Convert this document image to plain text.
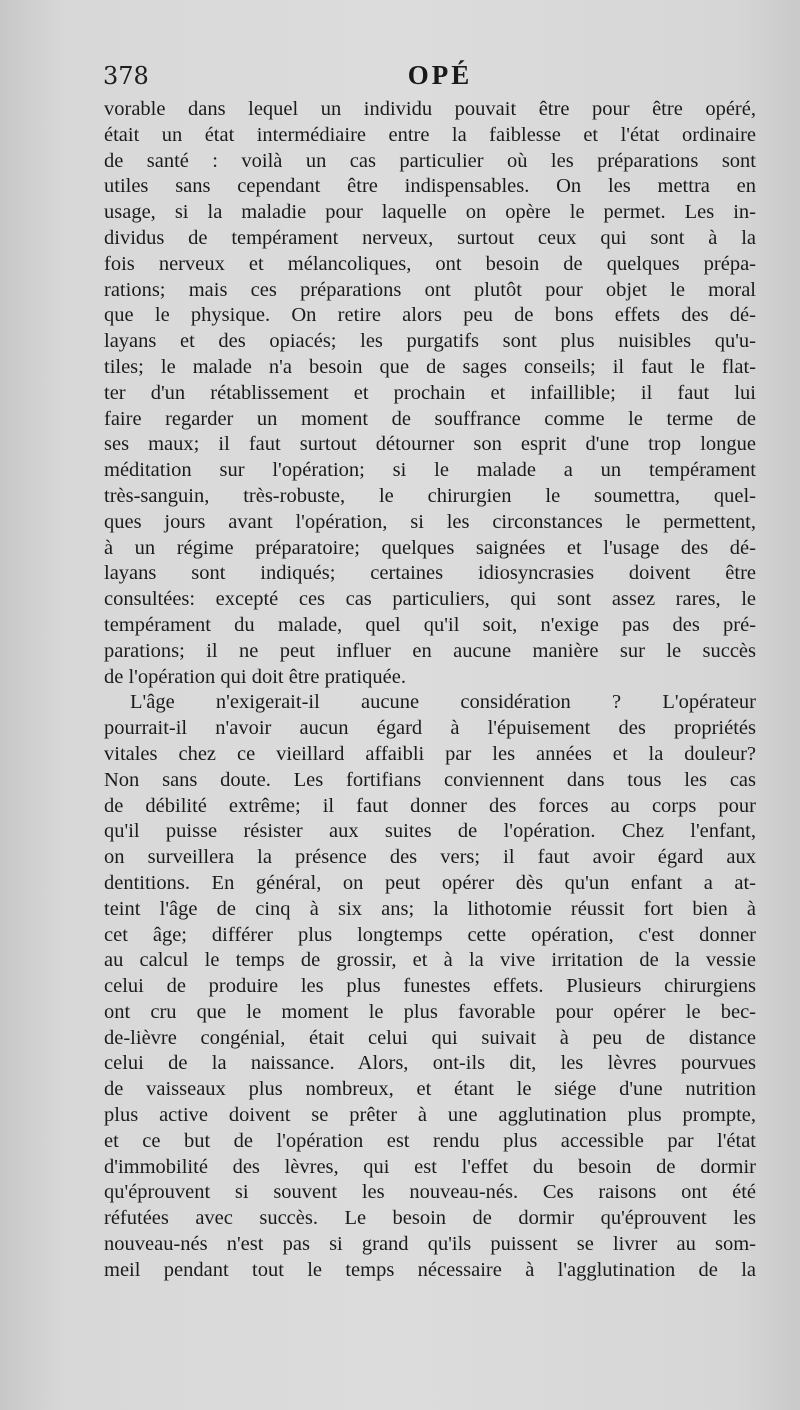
378	OPÉ
vorable dans lequel un individu pouvait être pour être opéré,
était un état intermédiaire entre la faiblesse et l'état ordinaire
de santé : voilà un cas particulier où les préparations sont
utiles sans cependant être indispensables. On les mettra en
usage, si la maladie pour laquelle on opère le permet. Les in-
dividus de tempérament nerveux, surtout ceux qui sont à la
fois nerveux et mélancoliques, ont besoin de quelques prépa-
rations; mais ces préparations ont plutôt pour objet le moral
que le physique. On retire alors peu de bons effets des dé-
layans et des opiacés; les purgatifs sont plus nuisibles qu'u-
tiles; le malade n'a besoin que de sages conseils; il faut le flat-
ter d'un rétablissement et prochain et infaillible; il faut lui
faire regarder un moment de souffrance comme le terme de
ses maux; il faut surtout détourner son esprit d'une trop longue
méditation sur l'opération; si le malade a un tempérament
très-sanguin, très-robuste, le chirurgien le soumettra, quel-
ques jours avant l'opération, si les circonstances le permettent,
à un régime préparatoire; quelques saignées et l'usage des dé-
layans sont indiqués; certaines idiosyncrasies doivent être
consultées: excepté ces cas particuliers, qui sont assez rares, le
tempérament du malade, quel qu'il soit, n'exige pas des pré-
parations; il ne peut influer en aucune manière sur le succès
de l'opération qui doit être pratiquée.
L'âge n'exigerait-il aucune considération ? L'opérateur
pourrait-il n'avoir aucun égard à l'épuisement des propriétés
vitales chez ce vieillard affaibli par les années et la douleur?
Non sans doute. Les fortifians conviennent dans tous les cas
de débilité extrême; il faut donner des forces au corps pour
qu'il puisse résister aux suites de l'opération. Chez l'enfant,
on surveillera la présence des vers; il faut avoir égard aux
dentitions. En général, on peut opérer dès qu'un enfant a at-
teint l'âge de cinq à six ans; la lithotomie réussit fort bien à
cet âge; différer plus longtemps cette opération, c'est donner
au calcul le temps de grossir, et à la vive irritation de la vessie
celui de produire les plus funestes effets. Plusieurs chirurgiens
ont cru que le moment le plus favorable pour opérer le bec-
de-lièvre congénial, était celui qui suivait à peu de distance
celui de la naissance. Alors, ont-ils dit, les lèvres pourvues
de vaisseaux plus nombreux, et étant le siége d'une nutrition
plus active doivent se prêter à une agglutination plus prompte,
et ce but de l'opération est rendu plus accessible par l'état
d'immobilité des lèvres, qui est l'effet du besoin de dormir
qu'éprouvent si souvent les nouveau-nés. Ces raisons ont été
réfutées avec succès. Le besoin de dormir qu'éprouvent les
nouveau-nés n'est pas si grand qu'ils puissent se livrer au som-
meil pendant tout le temps nécessaire à l'agglutination de la
